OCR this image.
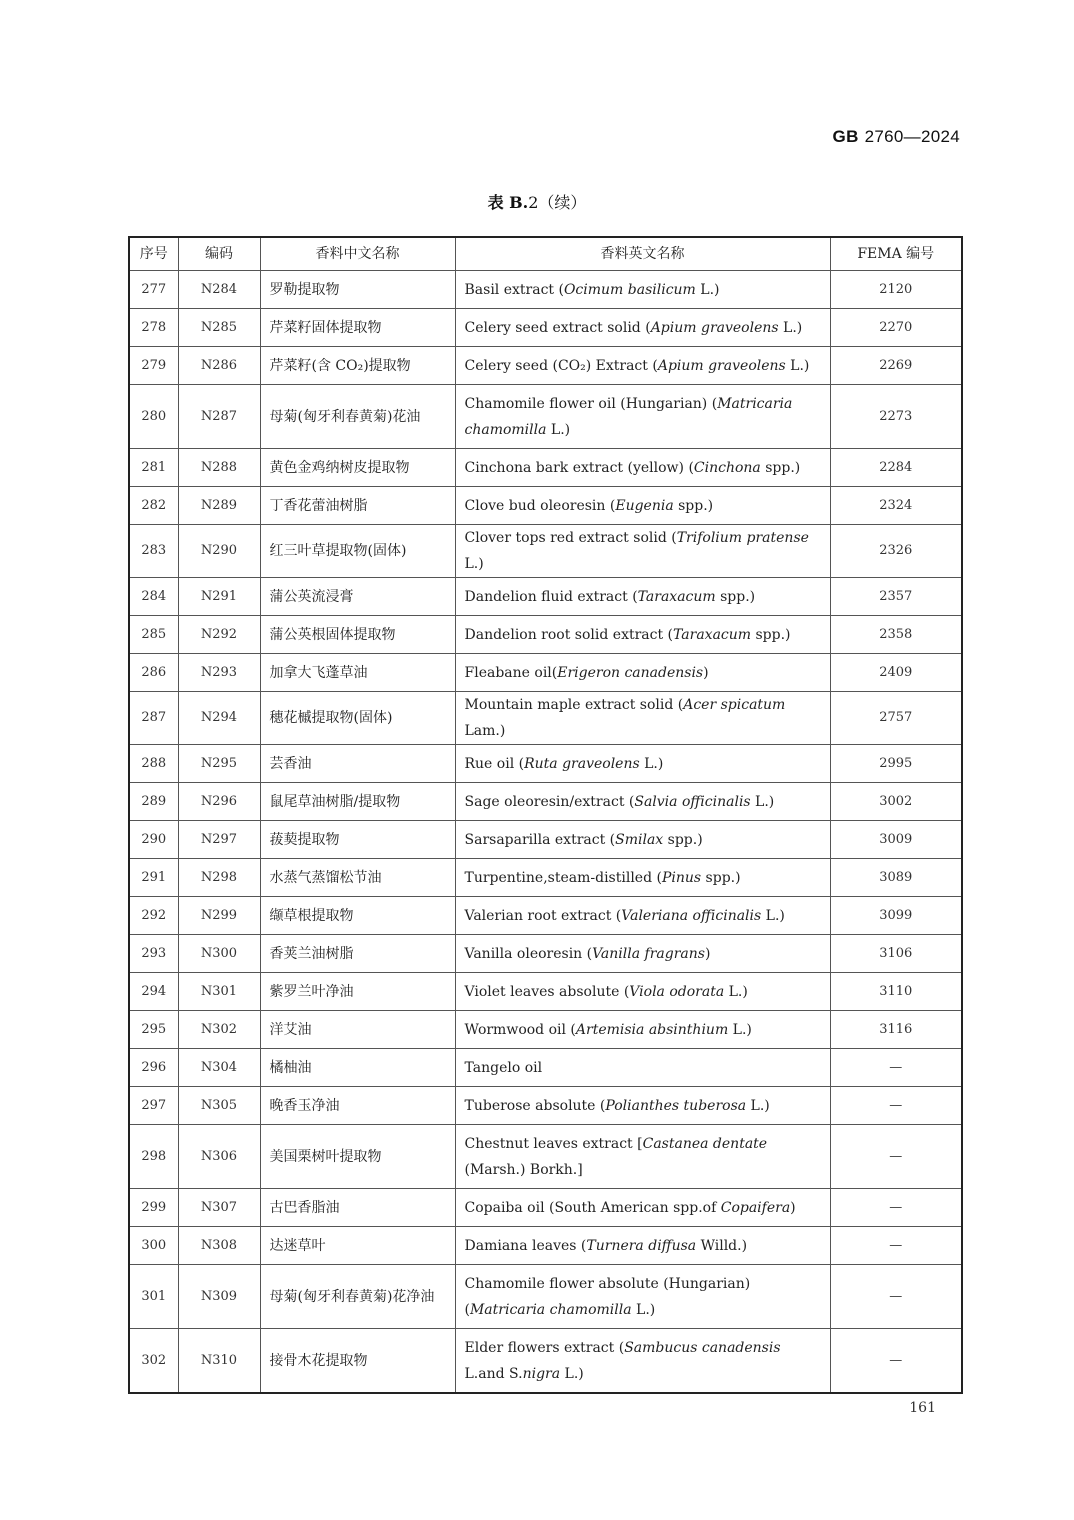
GB 2760—2024
表 B.2（续）
序号	编码	香料中文名称	香料英文名称	FEMA 编号
277	N284	罗勒提取物	Basil extract (Ocimum basilicum L.)	2120
278	N285	芹菜籽固体提取物	Celery seed extract solid (Apium graveolens L.)	2270
279	N286	芹菜籽(含 CO₂)提取物	Celery seed (CO₂) Extract (Apium graveolens L.)	2269
280	N287	母菊(匈牙利春黄菊)花油	Chamomile flower oil (Hungarian) (Matricaria chamomilla L.)	2273
281	N288	黄色金鸡纳树皮提取物	Cinchona bark extract (yellow) (Cinchona spp.)	2284
282	N289	丁香花蕾油树脂	Clove bud oleoresin (Eugenia spp.)	2324
283	N290	红三叶草提取物(固体)	Clover tops red extract solid (Trifolium pratense L.)	2326
284	N291	蒲公英流浸膏	Dandelion fluid extract (Taraxacum spp.)	2357
285	N292	蒲公英根固体提取物	Dandelion root solid extract (Taraxacum spp.)	2358
286	N293	加拿大飞蓬草油	Fleabane oil(Erigeron canadensis)	2409
287	N294	穗花槭提取物(固体)	Mountain maple extract solid (Acer spicatum Lam.)	2757
288	N295	芸香油	Rue oil (Ruta graveolens L.)	2995
289	N296	鼠尾草油树脂/提取物	Sage oleoresin/extract (Salvia officinalis L.)	3002
290	N297	菝葜提取物	Sarsaparilla extract (Smilax spp.)	3009
291	N298	水蒸气蒸馏松节油	Turpentine,steam-distilled (Pinus spp.)	3089
292	N299	缬草根提取物	Valerian root extract (Valeriana officinalis L.)	3099
293	N300	香荚兰油树脂	Vanilla oleoresin (Vanilla fragrans)	3106
294	N301	紫罗兰叶净油	Violet leaves absolute (Viola odorata L.)	3110
295	N302	洋艾油	Wormwood oil (Artemisia absinthium L.)	3116
296	N304	橘柚油	Tangelo oil	—
297	N305	晚香玉净油	Tuberose absolute (Polianthes tuberosa L.)	—
298	N306	美国栗树叶提取物	Chestnut leaves extract [Castanea dentate (Marsh.) Borkh.]	—
299	N307	古巴香脂油	Copaiba oil (South American spp.of Copaifera)	—
300	N308	达迷草叶	Damiana leaves (Turnera diffusa Willd.)	—
301	N309	母菊(匈牙利春黄菊)花净油	Chamomile flower absolute (Hungarian) (Matricaria chamomilla L.)	—
302	N310	接骨木花提取物	Elder flowers extract (Sambucus canadensis L.and S.nigra L.)	—
161
